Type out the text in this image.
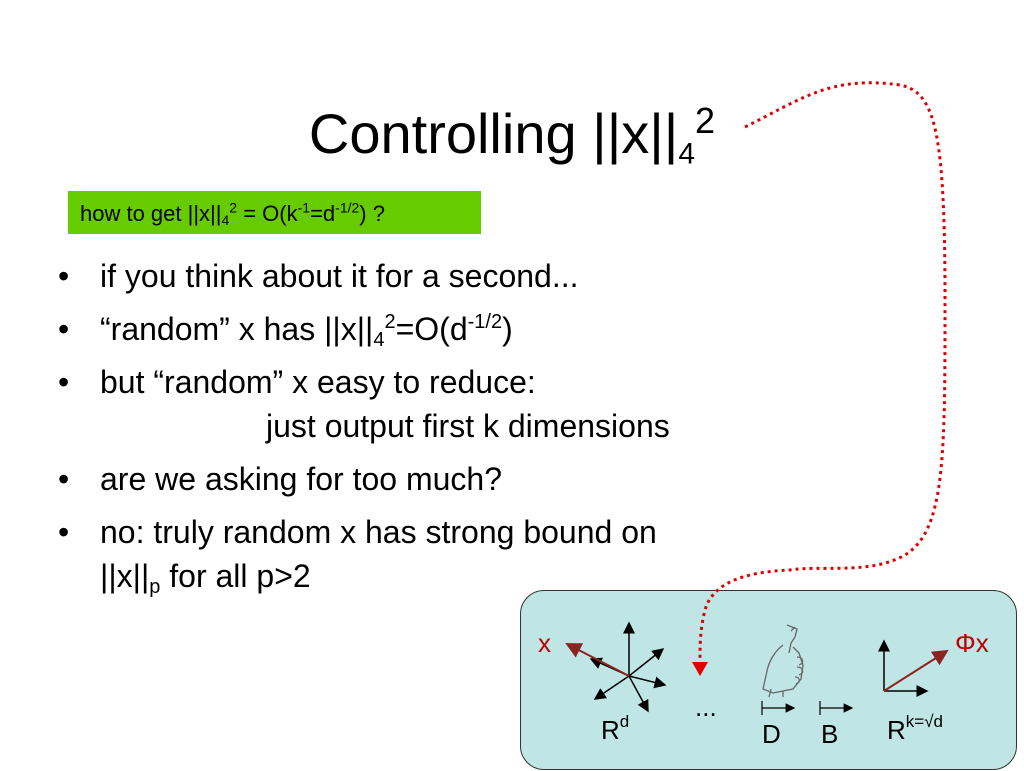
Controlling $||x||_4^2$
how to get $||x||_4^2 = O(k^{-1}=d^{-1/2})$ ?
• if you think about it for a second...
• “random” x has $||x||_4^2=O(d^{-1/2})$
• but “random” x easy to reduce:
just output first k dimensions
• are we asking for too much?
• no: truly random x has strong bound on
$||x||_p$ for all p>2
x
$R^d$	...
D B
Φx
$R^{k=√d}$
